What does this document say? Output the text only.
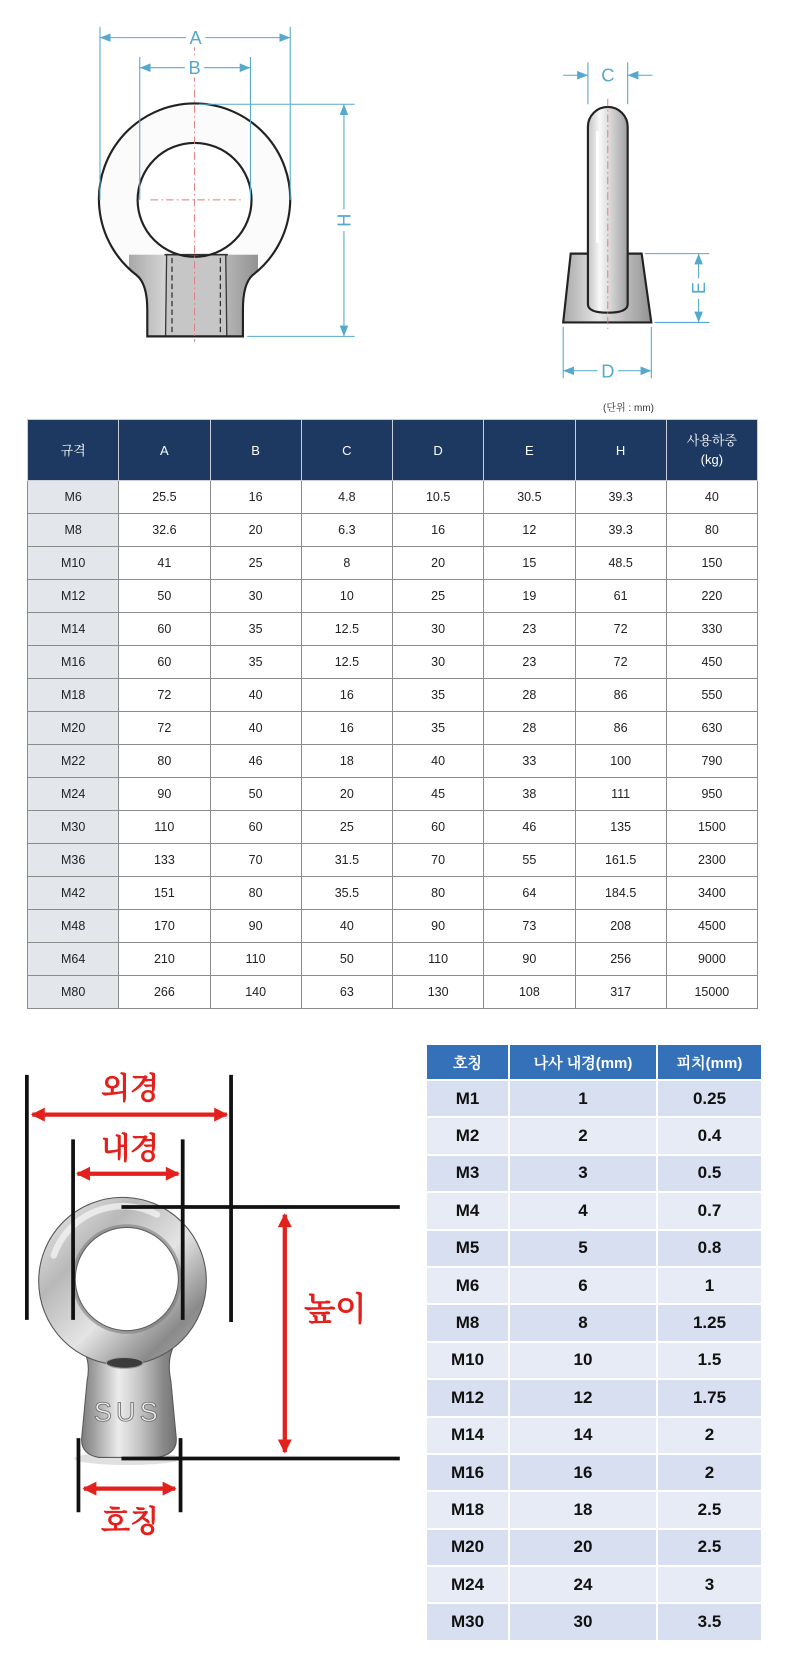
A
B
H
C
E
D
(단위 : mm)
규격	A	B	C	D	E	H	사용하중
(kg)
M6	25.5	16	4.8	10.5	30.5	39.3	40
M8	32.6	20	6.3	16	12	39.3	80
M10	41	25	8	20	15	48.5	150
M12	50	30	10	25	19	61	220
M14	60	35	12.5	30	23	72	330
M16	60	35	12.5	30	23	72	450
M18	72	40	16	35	28	86	550
M20	72	40	16	35	28	86	630
M22	80	46	18	40	33	100	790
M24	90	50	20	45	38	111	950
M30	110	60	25	60	46	135	1500
M36	133	70	31.5	70	55	161.5	2300
M42	151	80	35.5	80	64	184.5	3400
M48	170	90	40	90	73	208	4500
M64	210	110	50	110	90	256	9000
M80	266	140	63	130	108	317	15000
SUS
외경
내경
높이
호칭
호칭	나사 내경(mm)	피치(mm)
M1	1	0.25
M2	2	0.4
M3	3	0.5
M4	4	0.7
M5	5	0.8
M6	6	1
M8	8	1.25
M10	10	1.5
M12	12	1.75
M14	14	2
M16	16	2
M18	18	2.5
M20	20	2.5
M24	24	3
M30	30	3.5
